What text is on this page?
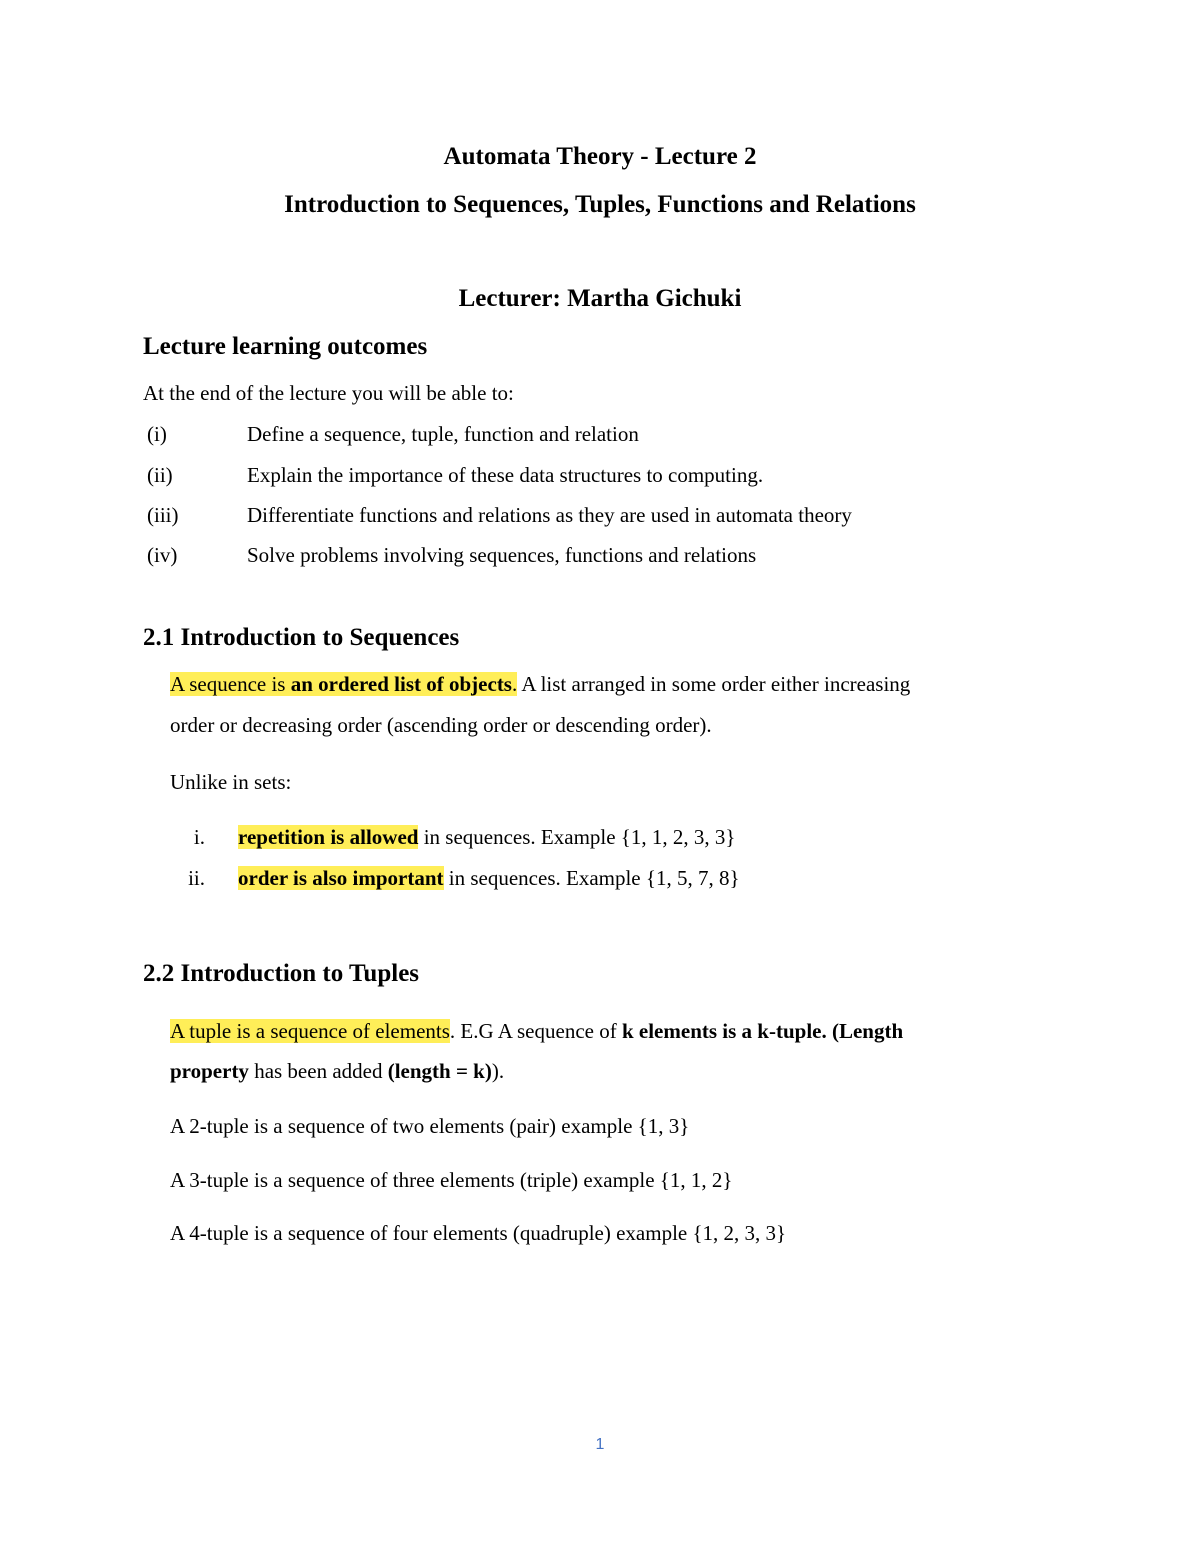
Automata Theory - Lecture 2

Introduction to Sequences, Tuples, Functions and Relations

Lecturer: Martha Gichuki

Lecture learning outcomes

At the end of the lecture you will be able to:

(i)	Define a sequence, tuple, function and relation
(ii)	Explain the importance of these data structures to computing.
(iii)	Differentiate functions and relations as they are used in automata theory
(iv)	Solve problems involving sequences, functions and relations

2.1 Introduction to Sequences

A sequence is an ordered list of objects. A list arranged in some order either increasing

order or decreasing order (ascending order or descending order).

Unlike in sets:

i. repetition is allowed in sequences. Example {1, 1, 2, 3, 3}

ii. order is also important in sequences. Example {1, 5, 7, 8}

2.2 Introduction to Tuples

A tuple is a sequence of elements. E.G A sequence of k elements is a k-tuple. (Length

property has been added (length = k)).

A 2-tuple is a sequence of two elements (pair) example {1, 3}

A 3-tuple is a sequence of three elements (triple) example {1, 1, 2}

A 4-tuple is a sequence of four elements (quadruple) example {1, 2, 3, 3}

1
